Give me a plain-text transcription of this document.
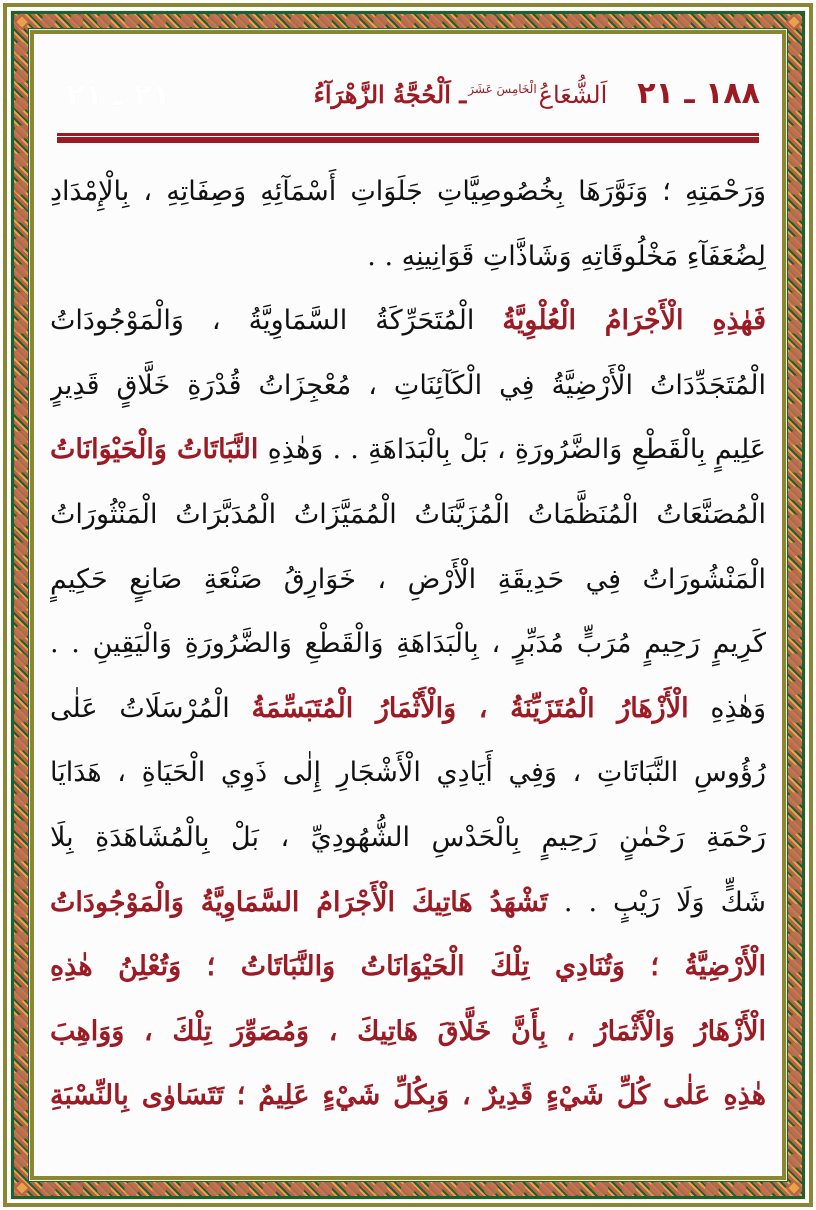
٢١ ـ ٢١	١٨٨ ـ ٢١
اَلشُّعَاعُ
الْخَامِسَ عَشَرَ
ـ اَلْحُجَّةُ الزَّهْرَآءُ
وَرَحْمَتِهِ ؛ وَنَوَّرَهَا بِخُصُوصِيَّاتِ جَلَوَاتِ أَسْمَآئِهِ وَصِفَاتِهِ ، بِالْإِمْدَادِ
لِضُعَفَآءِ مَخْلُوقَاتِهِ وَشَاذَّاتِ قَوَانِينِهِ . .
فَهٰذِهِ الْأَجْرَامُ الْعُلْوِيَّةُ الْمُتَحَرِّكَةُ السَّمَاوِيَّةُ ، وَالْمَوْجُودَاتُ
الْمُتَجَدِّدَاتُ الْأَرْضِيَّةُ فِي الْكَآئِنَاتِ ، مُعْجِزَاتُ قُدْرَةِ خَلَّاقٍ قَدِيرٍ
عَلِيمٍ بِالْقَطْعِ وَالضَّرُورَةِ ، بَلْ بِالْبَدَاهَةِ . . وَهٰذِهِ النَّبَاتَاتُ وَالْحَيْوَانَاتُ
الْمُصَنَّعَاتُ الْمُنَظَّمَاتُ الْمُزَيَّنَاتُ الْمُمَيَّزَاتُ الْمُدَبَّرَاتُ الْمَنْثُورَاتُ
الْمَنْشُورَاتُ فِي حَدِيقَةِ الْأَرْضِ ، خَوَارِقُ صَنْعَةِ صَانِعٍ حَكِيمٍ
كَرِيمٍ رَحِيمٍ مُرَبٍّ مُدَبِّرٍ ، بِالْبَدَاهَةِ وَالْقَطْعِ وَالضَّرُورَةِ وَالْيَقِينِ . .
وَهٰذِهِ الْأَزْهَارُ الْمُتَزَيِّنَةُ ، وَالْأَثْمَارُ الْمُتَبَسِّمَةُ الْمُرْسَلَاتُ عَلٰى
رُؤُوسِ النَّبَاتَاتِ ، وَفِي أَيَادِي الْأَشْجَارِ إِلٰى ذَوِي الْحَيَاةِ ، هَدَايَا
رَحْمَةِ رَحْمٰنٍ رَحِيمٍ بِالْحَدْسِ الشُّهُودِيِّ ، بَلْ بِالْمُشَاهَدَةِ بِلَا
شَكٍّ وَلَا رَيْبٍ . . تَشْهَدُ هَاتِيكَ الْأَجْرَامُ السَّمَاوِيَّةُ وَالْمَوْجُودَاتُ
الْأَرْضِيَّةُ ؛ وَتُنَادِي تِلْكَ الْحَيْوَانَاتُ وَالنَّبَاتَاتُ ؛ وَتُعْلِنُ هٰذِهِ
الْأَزْهَارُ وَالْأَثْمَارُ ، بِأَنَّ خَلَّاقَ هَاتِيكَ ، وَمُصَوِّرَ تِلْكَ ، وَوَاهِبَ
هٰذِهِ عَلٰى كُلِّ شَيْءٍ قَدِيرٌ ، وَبِكُلِّ شَيْءٍ عَلِيمٌ ؛ تَتَسَاوٰى بِالنِّسْبَةِ
